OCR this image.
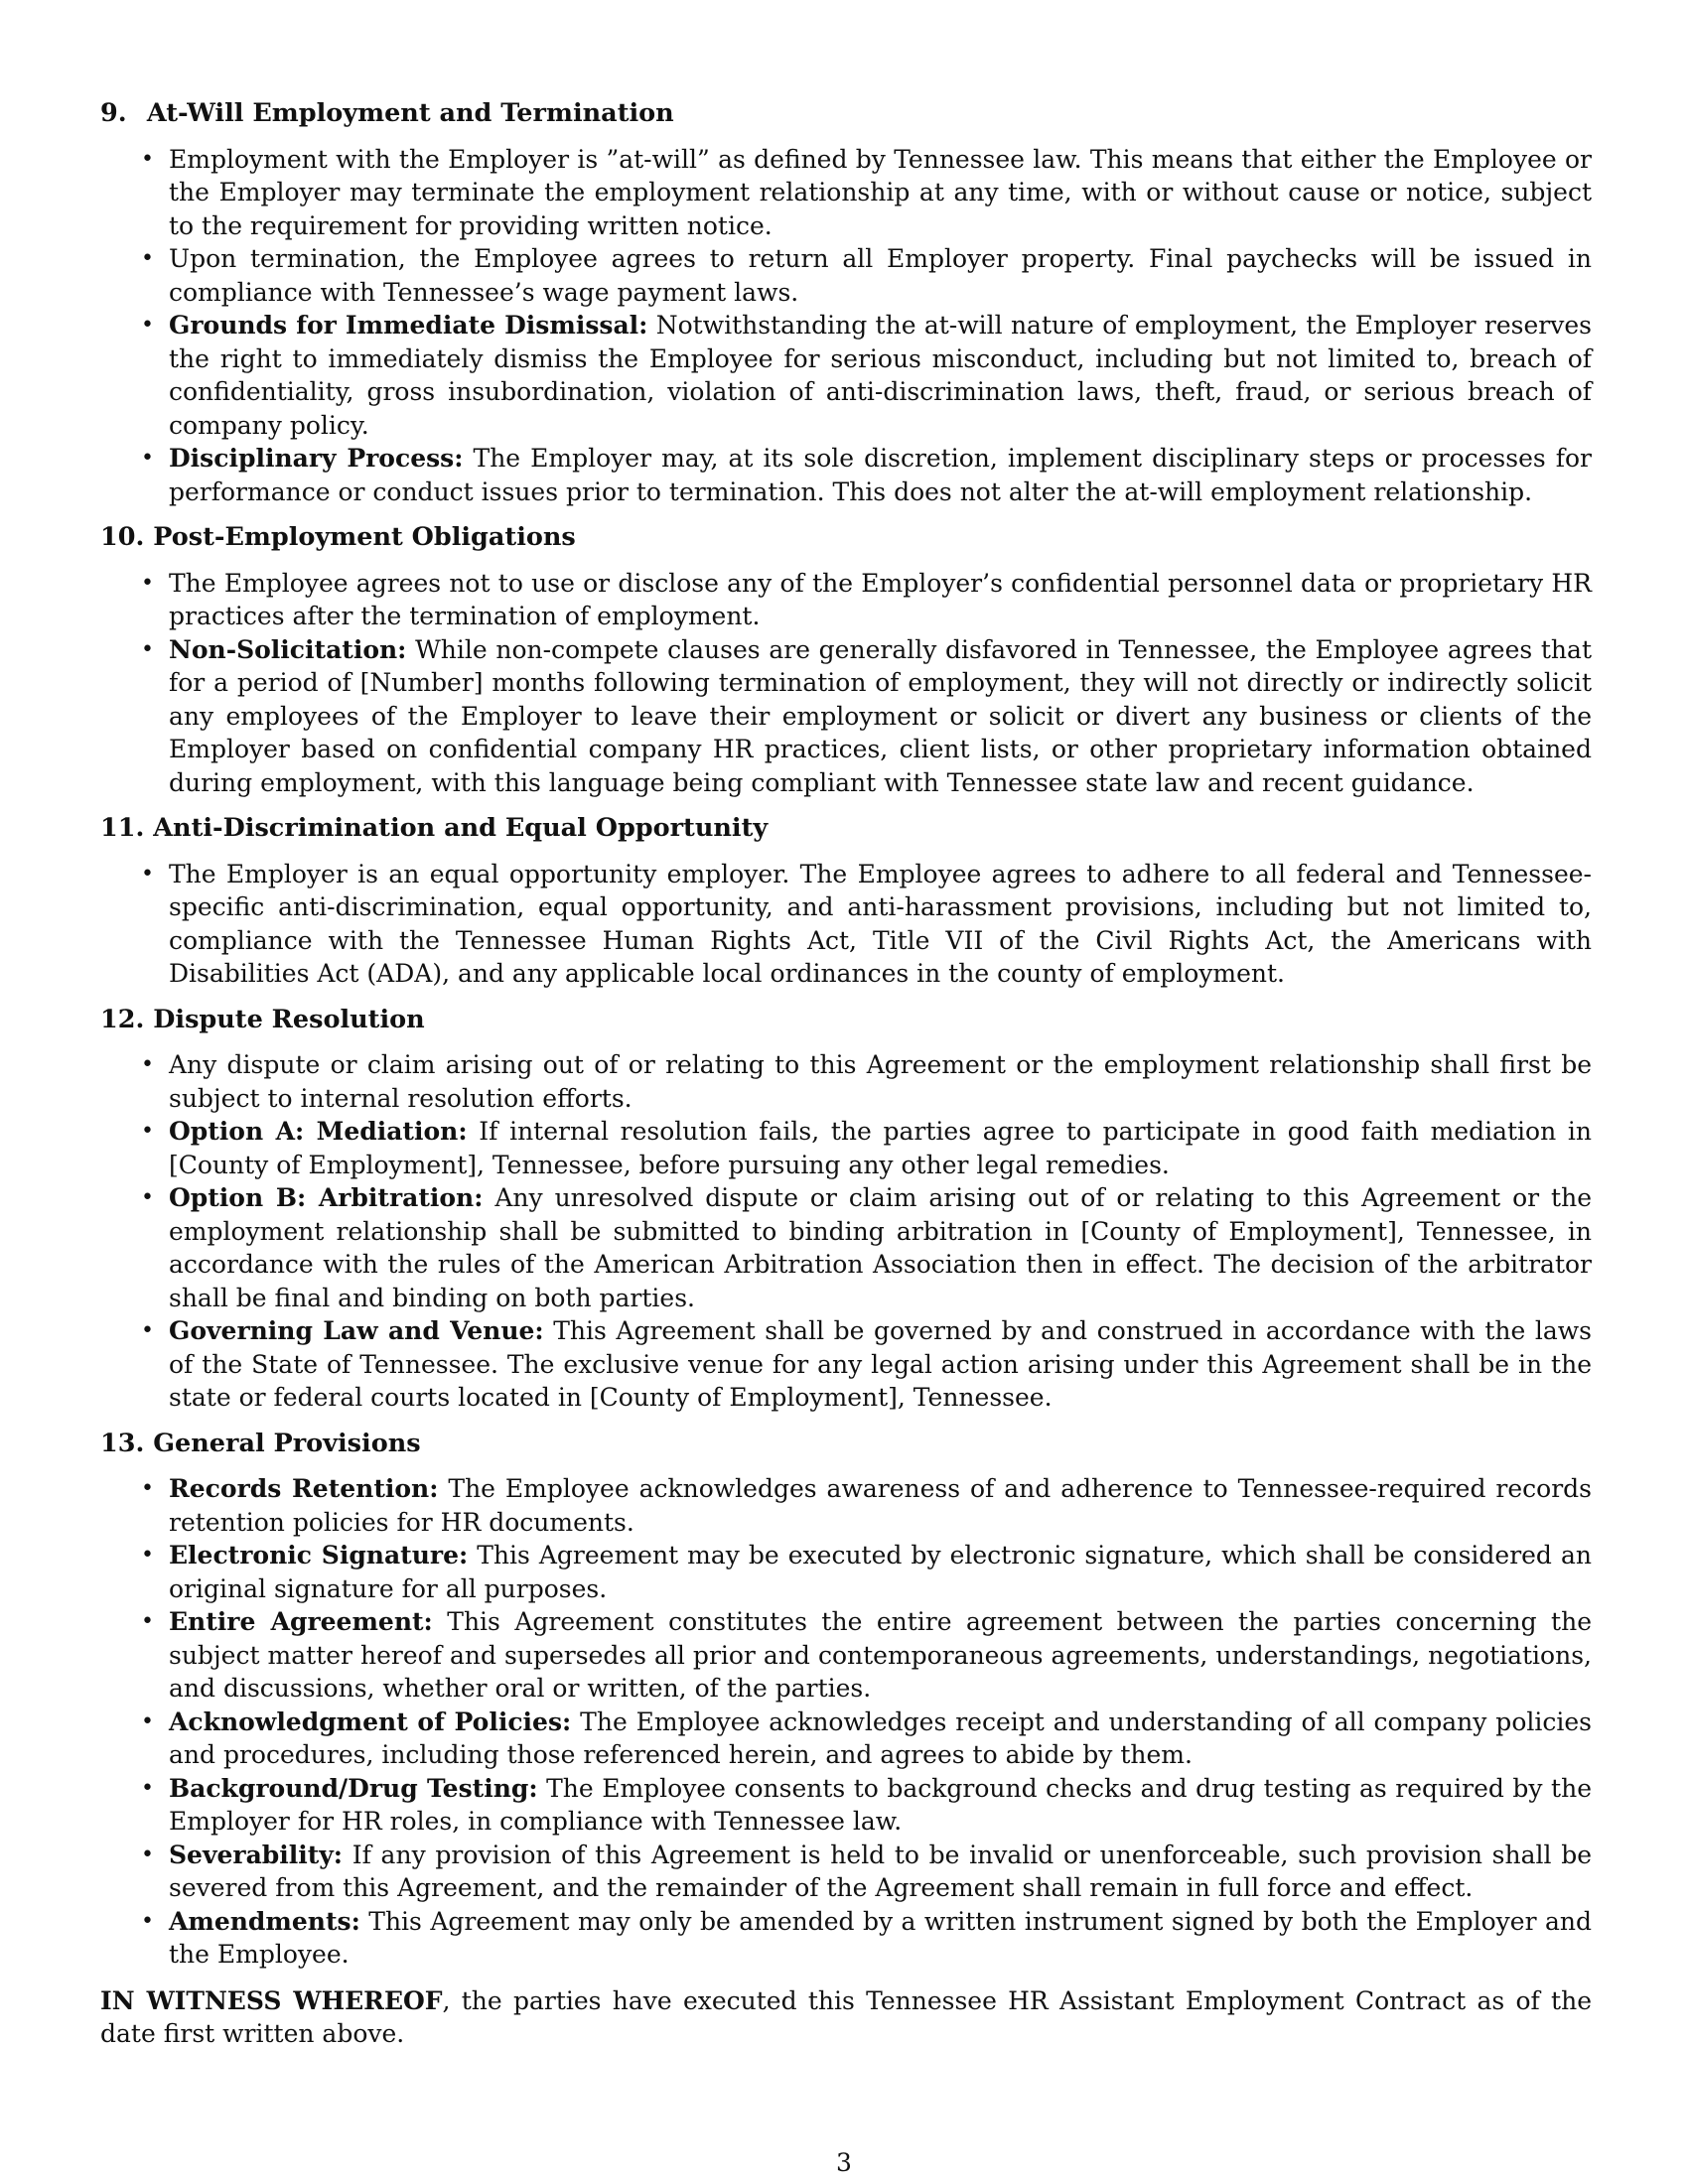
9. At-Will Employment and Termination
• Employment with the Employer is ”at-will” as defined by Tennessee law. This means that either the Employee or the Employer may terminate the employment relationship at any time, with or without cause or notice, subject to the requirement for providing written notice.
• Upon termination, the Employee agrees to return all Employer property. Final paychecks will be issued in compliance with Tennessee’s wage payment laws.
• Grounds for Immediate Dismissal: Notwithstanding the at-will nature of employment, the Employer reserves the right to immediately dismiss the Employee for serious misconduct, including but not limited to, breach of confidentiality, gross insubordination, violation of anti-discrimination laws, theft, fraud, or serious breach of company policy.
• Disciplinary Process: The Employer may, at its sole discretion, implement disciplinary steps or processes for performance or conduct issues prior to termination. This does not alter the at-will employment relationship.
10. Post-Employment Obligations
• The Employee agrees not to use or disclose any of the Employer’s confidential personnel data or proprietary HR practices after the termination of employment.
• Non-Solicitation: While non-compete clauses are generally disfavored in Tennessee, the Employee agrees that for a period of [Number] months following termination of employment, they will not directly or indirectly solicit any employees of the Employer to leave their employment or solicit or divert any business or clients of the Employer based on confidential company HR practices, client lists, or other proprietary information obtained during employment, with this language being compliant with Tennessee state law and recent guidance.
11. Anti-Discrimination and Equal Opportunity
• The Employer is an equal opportunity employer. The Employee agrees to adhere to all federal and Tennessee-specific anti-discrimination, equal opportunity, and anti-harassment provisions, including but not limited to, compliance with the Tennessee Human Rights Act, Title VII of the Civil Rights Act, the Americans with Disabilities Act (ADA), and any applicable local ordinances in the county of employment.
12. Dispute Resolution
• Any dispute or claim arising out of or relating to this Agreement or the employment relationship shall first be subject to internal resolution efforts.
• Option A: Mediation: If internal resolution fails, the parties agree to participate in good faith mediation in [County of Employment], Tennessee, before pursuing any other legal remedies.
• Option B: Arbitration: Any unresolved dispute or claim arising out of or relating to this Agreement or the employment relationship shall be submitted to binding arbitration in [County of Employment], Tennessee, in accordance with the rules of the American Arbitration Association then in effect. The decision of the arbitrator shall be final and binding on both parties.
• Governing Law and Venue: This Agreement shall be governed by and construed in accordance with the laws of the State of Tennessee. The exclusive venue for any legal action arising under this Agreement shall be in the state or federal courts located in [County of Employment], Tennessee.
13. General Provisions
• Records Retention: The Employee acknowledges awareness of and adherence to Tennessee-required records retention policies for HR documents.
• Electronic Signature: This Agreement may be executed by electronic signature, which shall be considered an original signature for all purposes.
• Entire Agreement: This Agreement constitutes the entire agreement between the parties concerning the subject matter hereof and supersedes all prior and contemporaneous agreements, understandings, negotiations, and discussions, whether oral or written, of the parties.
• Acknowledgment of Policies: The Employee acknowledges receipt and understanding of all company policies and procedures, including those referenced herein, and agrees to abide by them.
• Background/Drug Testing: The Employee consents to background checks and drug testing as required by the Employer for HR roles, in compliance with Tennessee law.
• Severability: If any provision of this Agreement is held to be invalid or unenforceable, such provision shall be severed from this Agreement, and the remainder of the Agreement shall remain in full force and effect.
• Amendments: This Agreement may only be amended by a written instrument signed by both the Employer and the Employee.

IN WITNESS WHEREOF, the parties have executed this Tennessee HR Assistant Employment Contract as of the date first written above.

3
